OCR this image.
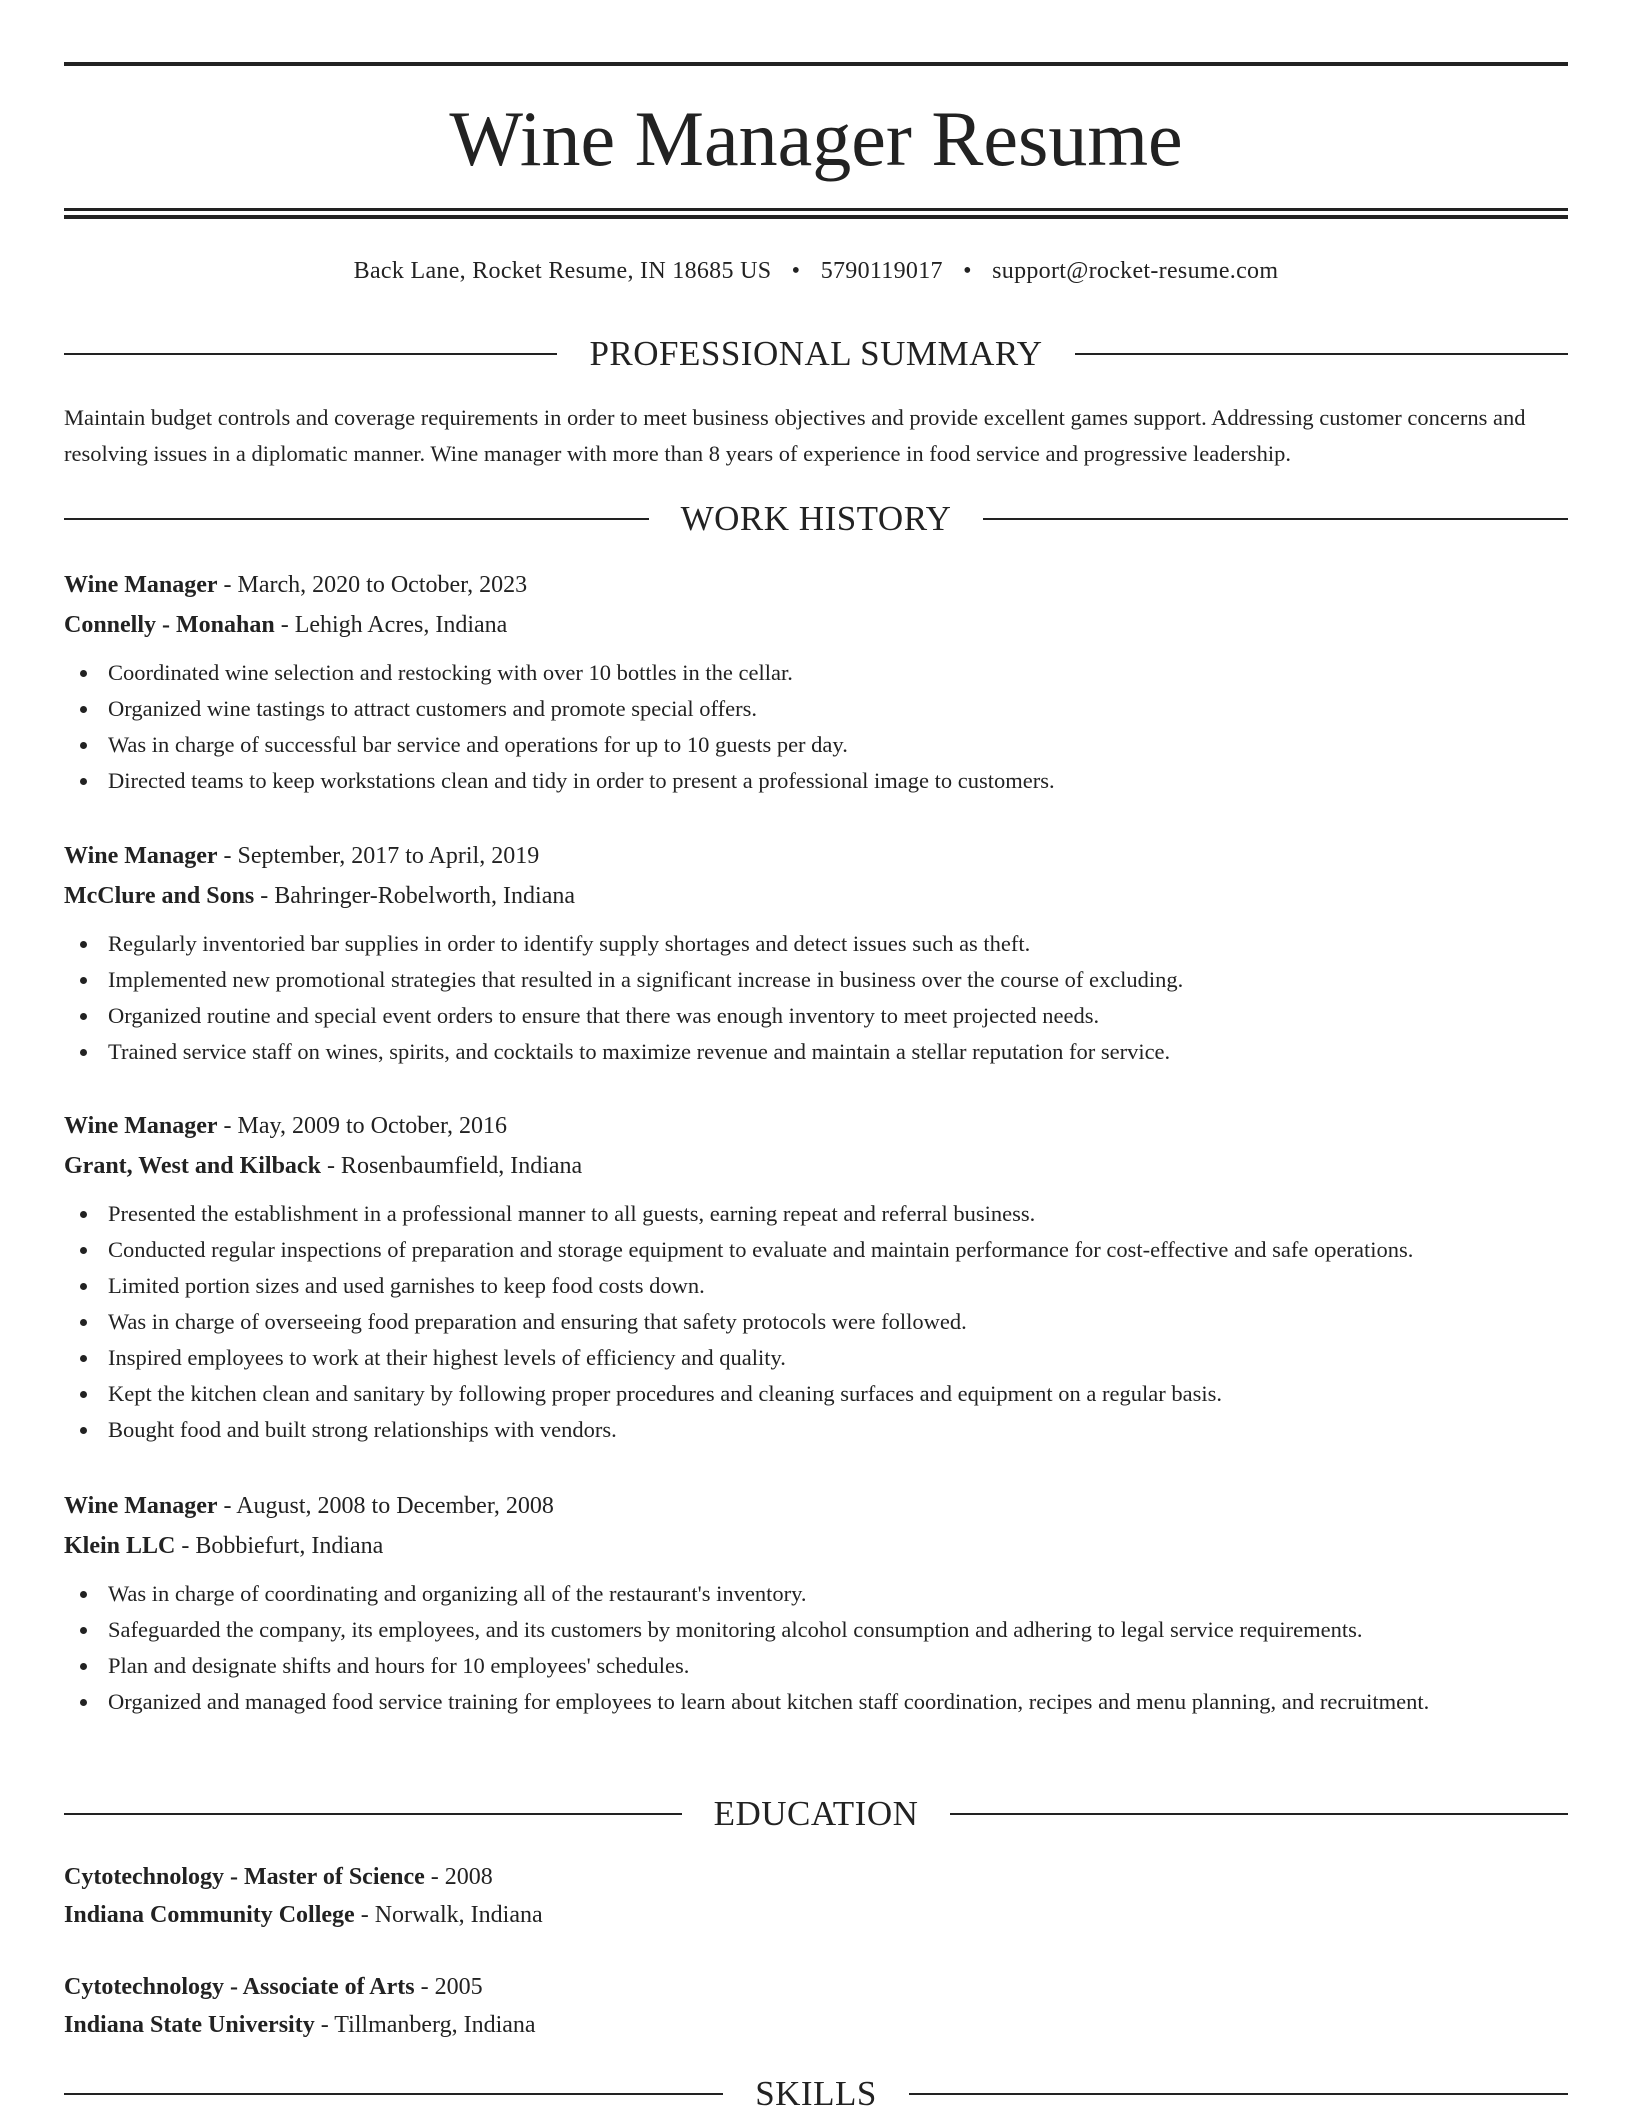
Wine Manager Resume
Back Lane, Rocket Resume, IN 18685 US • 5790119017 • support@rocket-resume.com
PROFESSIONAL SUMMARY

Maintain budget controls and coverage requirements in order to meet business objectives and provide excellent games support. Addressing customer concerns and resolving issues in a diplomatic manner. Wine manager with more than 8 years of experience in food service and progressive leadership.

WORK HISTORY
Wine Manager - March, 2020 to October, 2023
Connelly - Monahan - Lehigh Acres, Indiana
Coordinated wine selection and restocking with over 10 bottles in the cellar.
Organized wine tastings to attract customers and promote special offers.
Was in charge of successful bar service and operations for up to 10 guests per day.
Directed teams to keep workstations clean and tidy in order to present a professional image to customers.
Wine Manager - September, 2017 to April, 2019
McClure and Sons - Bahringer-Robelworth, Indiana
Regularly inventoried bar supplies in order to identify supply shortages and detect issues such as theft.
Implemented new promotional strategies that resulted in a significant increase in business over the course of excluding.
Organized routine and special event orders to ensure that there was enough inventory to meet projected needs.
Trained service staff on wines, spirits, and cocktails to maximize revenue and maintain a stellar reputation for service.
Wine Manager - May, 2009 to October, 2016
Grant, West and Kilback - Rosenbaumfield, Indiana
Presented the establishment in a professional manner to all guests, earning repeat and referral business.
Conducted regular inspections of preparation and storage equipment to evaluate and maintain performance for cost-effective and safe operations.
Limited portion sizes and used garnishes to keep food costs down.
Was in charge of overseeing food preparation and ensuring that safety protocols were followed.
Inspired employees to work at their highest levels of efficiency and quality.
Kept the kitchen clean and sanitary by following proper procedures and cleaning surfaces and equipment on a regular basis.
Bought food and built strong relationships with vendors.
Wine Manager - August, 2008 to December, 2008
Klein LLC - Bobbiefurt, Indiana
Was in charge of coordinating and organizing all of the restaurant's inventory.
Safeguarded the company, its employees, and its customers by monitoring alcohol consumption and adhering to legal service requirements.
Plan and designate shifts and hours for 10 employees' schedules.
Organized and managed food service training for employees to learn about kitchen staff coordination, recipes and menu planning, and recruitment.
EDUCATION
Cytotechnology - Master of Science - 2008
Indiana Community College - Norwalk, Indiana
Cytotechnology - Associate of Arts - 2005
Indiana State University - Tillmanberg, Indiana
SKILLS
